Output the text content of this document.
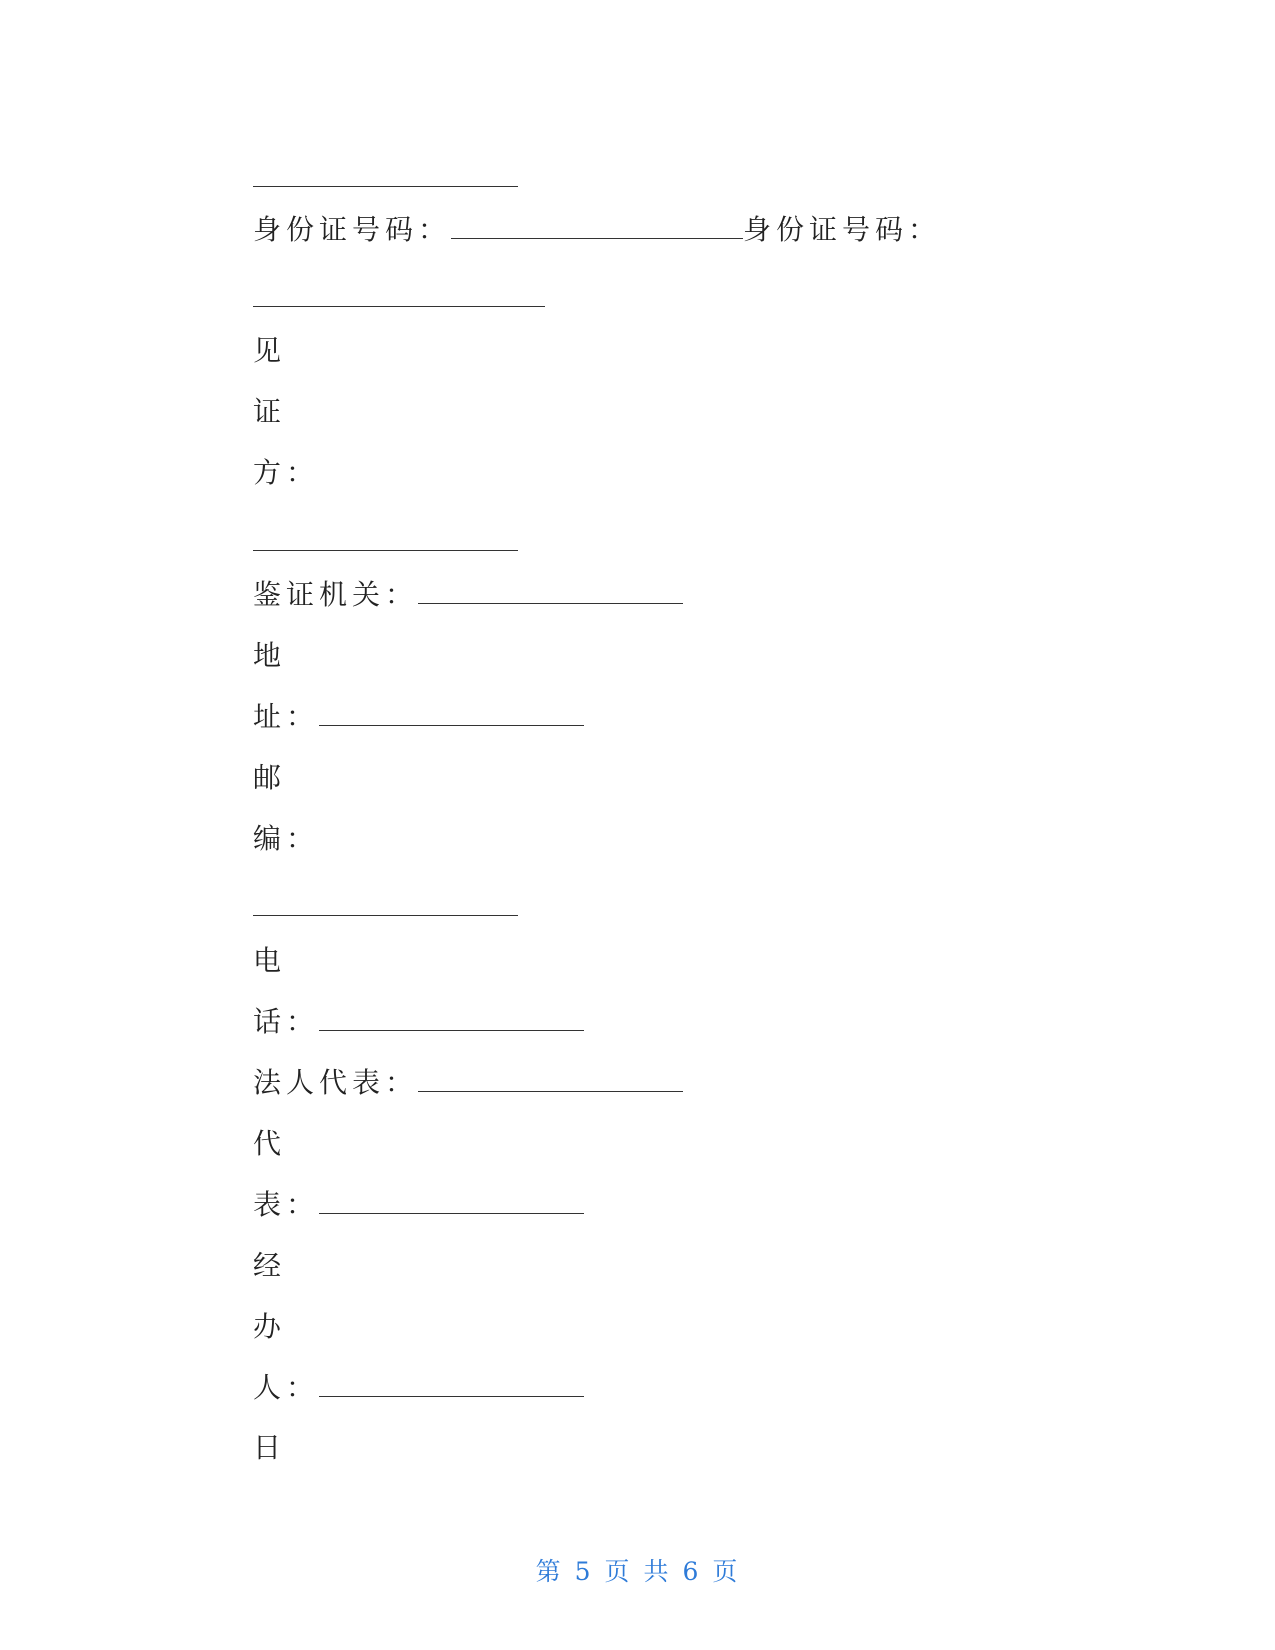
身份证号码：	身份证号码：
见
证
方：
鉴证机关：
地
址：
邮
编：
电
话：
法人代表：
代
表：
经
办
人：
日
第 5 页 共 6 页
